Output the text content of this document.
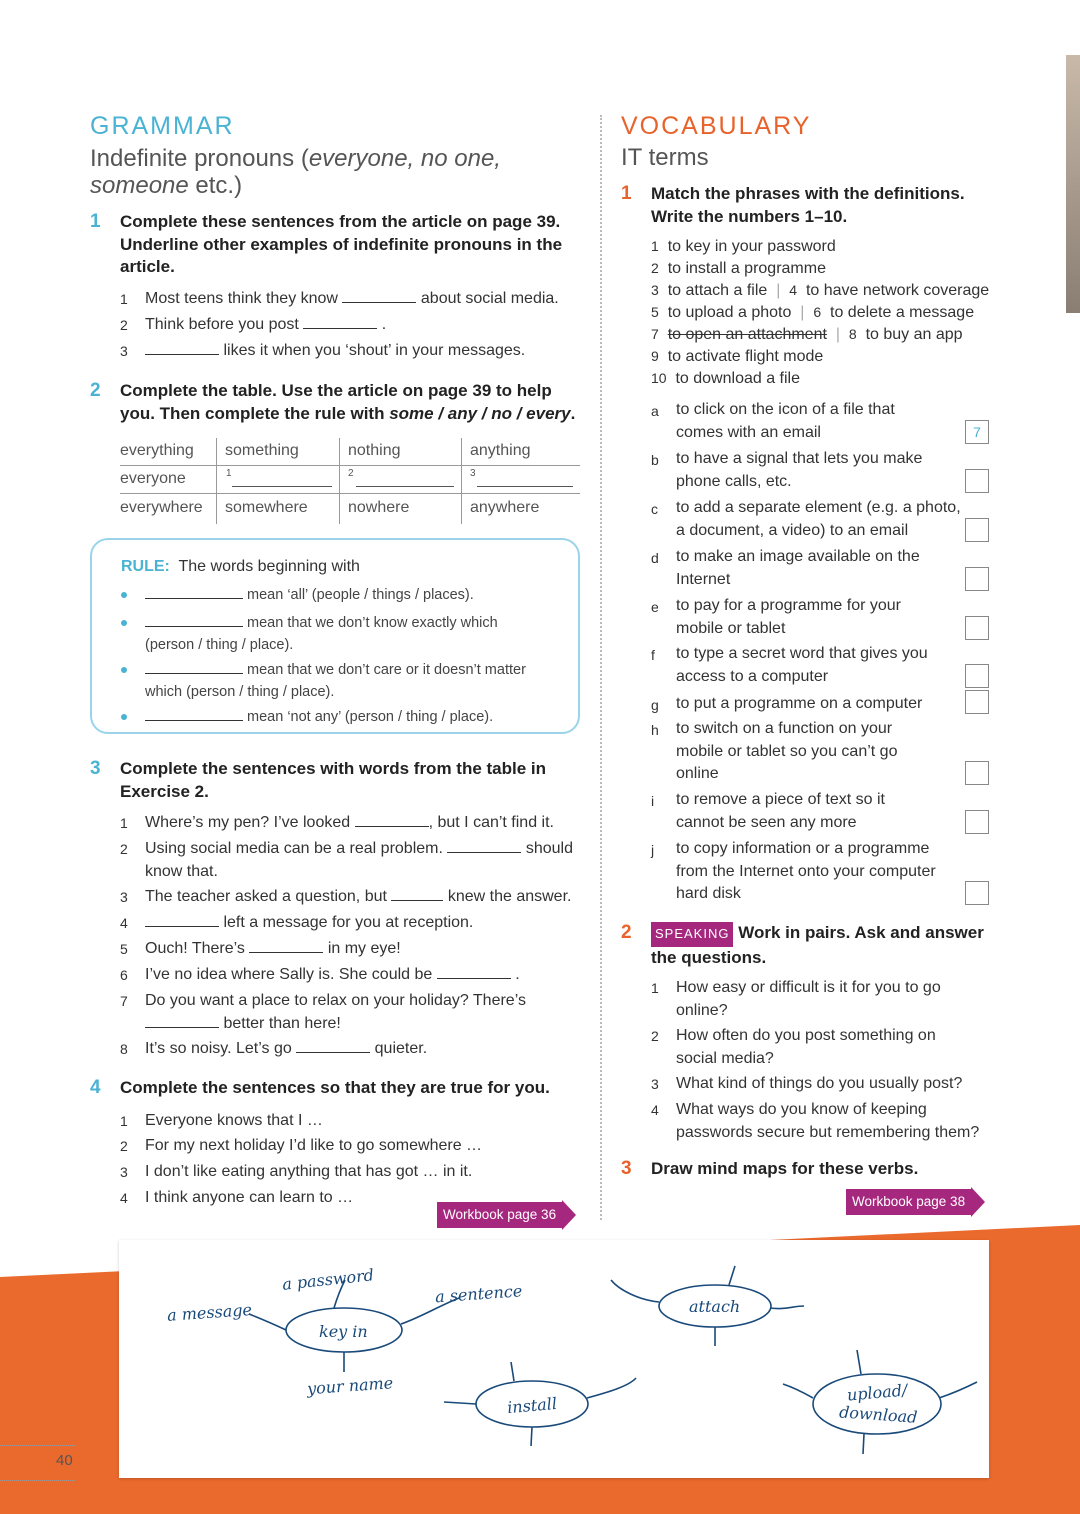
GRAMMAR
Indefinite pronouns (everyone, no one,
someone etc.)
1 Complete these sentences from the article on page 39.
Underline other examples of indefinite pronouns in the
article.
1 Most teens think they know	about social media.
2 Think before you post	.
3	likes it when you ‘shout’ in your messages.
2 Complete the table. Use the article on page 39 to help
you. Then complete the rule with some / any / no / every.
everything something	nothing	anything
everyone	1	2	3
everywhere somewhere	nowhere	anywhere
RULE: The words beginning with
mean ‘all’ (people / things / places).
mean that we don’t know exactly which
(person / thing / place).
mean that we don’t care or it doesn’t matter
which (person / thing / place).
mean ‘not any’ (person / thing / place).
3 Complete the sentences with words from the table in
Exercise 2.
1 Where’s my pen? I’ve looked	, but I can’t find it.
2 Using social media can be a real problem.	should
know that.
3 The teacher asked a question, but	knew the answer.
4	left a message for you at reception.
5 Ouch! There’s	in my eye!
6 I’ve no idea where Sally is. She could be	.
7 Do you want a place to relax on your holiday? There’s
better than here!
8 It’s so noisy. Let’s go	quieter.
4 Complete the sentences so that they are true for you.
1 Everyone knows that I …
2 For my next holiday I’d like to go somewhere …
3 I don’t like eating anything that has got … in it.
4 I think anyone can learn to …
Workbook page 36
VOCABULARY
IT terms
1 Match the phrases with the definitions.
Write the numbers 1–10.
1 to key in your password
2 to install a programme
3 to attach a file  |  4 to have network coverage
5 to upload a photo  |  6 to delete a message
7 to open an attachment  |  8 to buy an app
9 to activate flight mode
10 to download a file
a to click on the icon of a file that
comes with an email	7
b to have a signal that lets you make
phone calls, etc.
c to add a separate element (e.g. a photo,
a document, a video) to an email
d to make an image available on the
Internet
e to pay for a programme for your
mobile or tablet
f to type a secret word that gives you
access to a computer
g to put a programme on a computer
h to switch on a function on your
mobile or tablet so you can’t go
online
i to remove a piece of text so it
cannot be seen any more
j to copy information or a programme
from the Internet onto your computer
hard disk
2	SPEAKING Work in pairs. Ask and answer
the questions.
1 How easy or difficult is it for you to go
online?
2 How often do you post something on
social media?
3 What kind of things do you usually post?
4 What ways do you know of keeping
passwords secure but remembering them?
3 Draw mind maps for these verbs.
Workbook page 38
key in
a password
a message
a sentence
your name
attach
install
upload/
download
40
